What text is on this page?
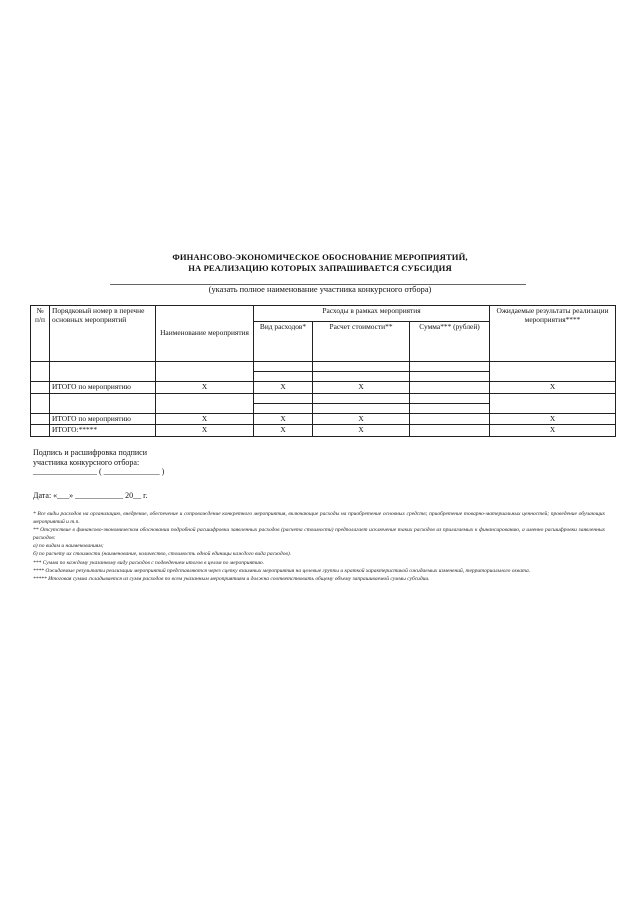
ФИНАНСОВО-ЭКОНОМИЧЕСКОЕ ОБОСНОВАНИЕ МЕРОПРИЯТИЙ,
НА РЕАЛИЗАЦИЮ КОТОРЫХ ЗАПРАШИВАЕТСЯ СУБСИДИЯ
(указать полное наименование участника конкурсного отбора)
№ п/п	Порядковый номер в перечне основных мероприятий	Наименование мероприятия	Расходы в рамках мероприятия			Ожидаемые результаты реализации мероприятия****
			Вид расходов*	Расчет стоимости**	Сумма*** (рублей)	

	ИТОГО по мероприятию	X	X	X		X

	ИТОГО по мероприятию	X	X	X		X
	ИТОГО:*****	X	X	X		X
Подпись и расшифровка подписи
участника конкурсного отбора:
________________ ( ______________ )
Дата: «___» ____________ 20__ г.
* Все виды расходов на организацию, внедрение, обеспечение и сопровождение конкретного мероприятия, включающие расходы на приобретение основных средств; приобретение товарно-материальных ценностей; проведение обучающих мероприятий и т.п.
** Отсутствие в финансово-экономическом обосновании подробной расшифровки заявленных расходов (расчета стоимости) предполагает исключение таких расходов из прилагаемых к финансированию, а именно расшифровки заявленных расходов:
а) по видам и наименованиям;
б) по расчету их стоимости (наименование, количество, стоимость одной единицы каждого вида расходов).
*** Сумма по каждому указанному виду расходов с подведением итогов в целом по мероприятию.
**** Ожидаемые результаты реализации мероприятий представляются через сцепку взаимных мероприятия на целевые группы и краткой характеристикой ожидаемых изменений, территориального охвата.
***** Итоговая сумма складывается из сумм расходов по всем указанным мероприятиям и должна соответствовать общему объему запрашиваемой суммы субсидии.
